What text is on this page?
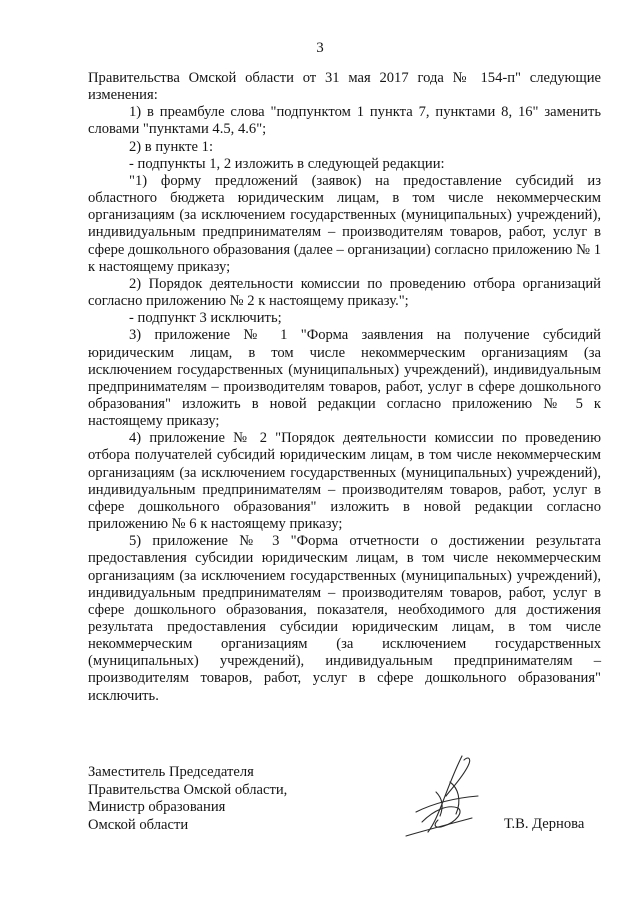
3

Правительства Омской области от 31 мая 2017 года № 154-п" следующие изменения:

1) в преамбуле слова "подпунктом 1 пункта 7, пунктами 8, 16" заменить словами "пунктами 4.5, 4.6";

2) в пункте 1:

- подпункты 1, 2 изложить в следующей редакции:

"1) форму предложений (заявок) на предоставление субсидий из областного бюджета юридическим лицам, в том числе некоммерческим организациям (за исключением государственных (муниципальных) учреждений), индивидуальным предпринимателям – производителям товаров, работ, услуг в сфере дошкольного образования (далее – организации) согласно приложению № 1 к настоящему приказу;

2) Порядок деятельности комиссии по проведению отбора организаций согласно приложению № 2 к настоящему приказу.";

- подпункт 3 исключить;

3) приложение № 1 "Форма заявления на получение субсидий юридическим лицам, в том числе некоммерческим организациям (за исключением государственных (муниципальных) учреждений), индивидуальным предпринимателям – производителям товаров, работ, услуг в сфере дошкольного образования" изложить в новой редакции согласно приложению № 5 к настоящему приказу;

4) приложение № 2 "Порядок деятельности комиссии по проведению отбора получателей субсидий юридическим лицам, в том числе некоммерческим организациям (за исключением государственных (муниципальных) учреждений), индивидуальным предпринимателям – производителям товаров, работ, услуг в сфере дошкольного образования" изложить в новой редакции согласно приложению № 6 к настоящему приказу;

5) приложение № 3 "Форма отчетности о достижении результата предоставления субсидии юридическим лицам, в том числе некоммерческим организациям (за исключением государственных (муниципальных) учреждений), индивидуальным предпринимателям – производителям товаров, работ, услуг в сфере дошкольного образования, показателя, необходимого для достижения результата предоставления субсидии юридическим лицам, в том числе некоммерческим организациям (за исключением государственных (муниципальных) учреждений), индивидуальным предпринимателям – производителям товаров, работ, услуг в сфере дошкольного образования" исключить.

Заместитель Председателя
Правительства Омской области,
Министр образования
Омской области	Т.В. Дернова
